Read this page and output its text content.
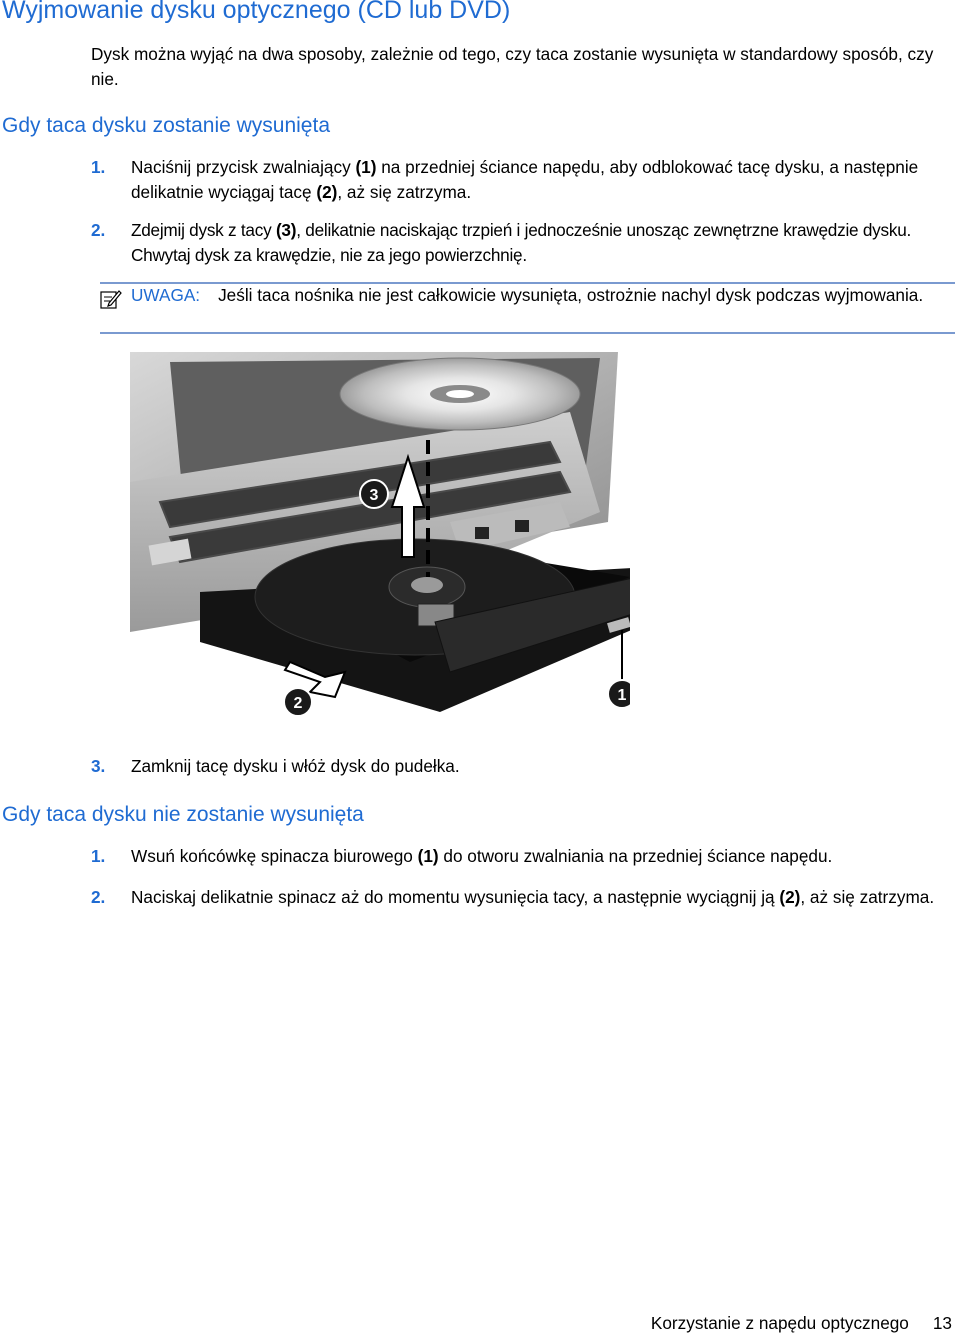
Wyjmowanie dysku optycznego (CD lub DVD)

Dysk można wyjąć na dwa sposoby, zależnie od tego, czy taca zostanie wysunięta w standardowy sposób, czy nie.

Gdy taca dysku zostanie wysunięta
1. Naciśnij przycisk zwalniający (1) na przedniej ściance napędu, aby odblokować tacę dysku, a następnie delikatnie wyciągaj tacę (2), aż się zatrzyma.
2. Zdejmij dysk z tacy (3), delikatnie naciskając trzpień i jednocześnie unosząc zewnętrzne krawędzie dysku. Chwytaj dysk za krawędzie, nie za jego powierzchnię.
UWAGA: Jeśli taca nośnika nie jest całkowicie wysunięta, ostrożnie nachyl dysk podczas wyjmowania.
3
2	1
3. Zamknij tacę dysku i włóż dysk do pudełka.
Gdy taca dysku nie zostanie wysunięta
1. Wsuń końcówkę spinacza biurowego (1) do otworu zwalniania na przedniej ściance napędu.
2. Naciskaj delikatnie spinacz aż do momentu wysunięcia tacy, a następnie wyciągnij ją (2), aż się zatrzyma.
Korzystanie z napędu optycznego 13
